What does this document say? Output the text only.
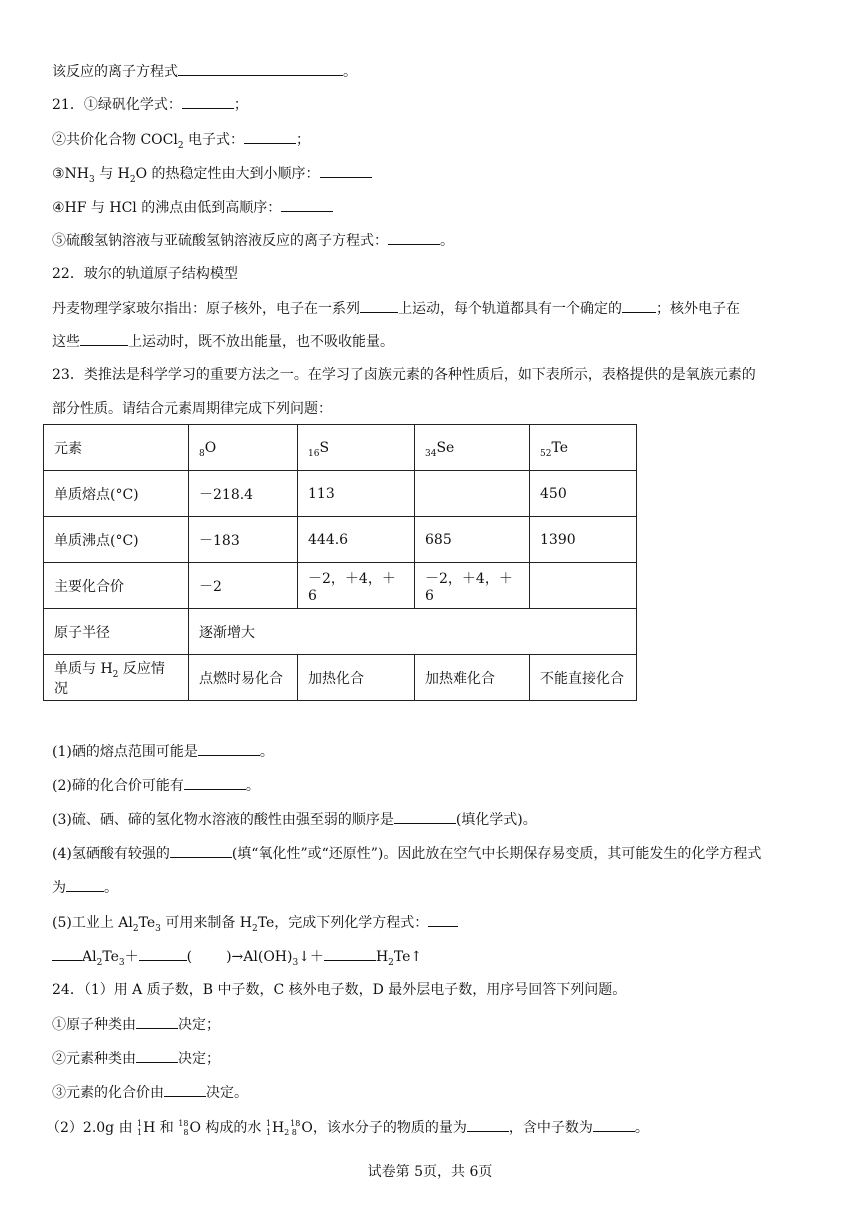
该反应的离子方程式	。
21．①绿矾化学式：	；
②共价化合物 COCl$_2$ 电子式：	；
$③NH_3$ 与 $H_2O$ 的热稳定性由大到小顺序：
④HF 与 HCl 的沸点由低到高顺序：
⑤硫酸氢钠溶液与亚硫酸氢钠溶液反应的离子方程式：	。
22．玻尔的轨道原子结构模型
丹麦物理学家玻尔指出：原子核外，电子在一系列	上运动，每个轨道都具有一个确定的 ；核外电子在
这些	上运动时，既不放出能量，也不吸收能量。
23．类推法是科学学习的重要方法之一。在学习了卤族元素的各种性质后，如下表所示，表格提供的是氧族元素的
部分性质。请结合元素周期律完成下列问题：
元素	$_8$O	$_{16}$S	$_{34}$Se	$_{52}$Te
单质熔点(°C)	－218.4	113		450
单质沸点(°C)	－183	444.6	685	1390
主要化合价	－2	－2，＋4，＋6	－2，＋4，＋6	
原子半径	逐渐增大			
单质与 $H_2$ 反应情况	点燃时易化合	加热化合	加热难化合	不能直接化合
(1)硒的熔点范围可能是	。
(2)碲的化合价可能有	。
(3)硫、硒、碲的氢化物水溶液的酸性由强至弱的顺序是	(填化学式)。
(4)氢硒酸有较强的	(填“氧化性”或“还原性”)。因此放在空气中长期保存易变质，其可能发生的化学方程式
为	。
(5)工业上 $Al_2Te_3$ 可用来制备 $H_2Te$，完成下列化学方程式：
$Al_2Te_3+$	( )$\to Al(OH)_3↓+$	$H_2Te↑$
24．（1）用 A 质子数，B 中子数，C 核外电子数，D 最外层电子数，用序号回答下列问题。
①原子种类由	决定；
②元素种类由	决定；
③元素的化合价由	决定。
（2）2.0g 由 1
1H 和 18
8O 构成的水 1
1H 18
2 8 O，该水分子的物质的量为	，含中子数为	。
试卷第 5页，共 6页
